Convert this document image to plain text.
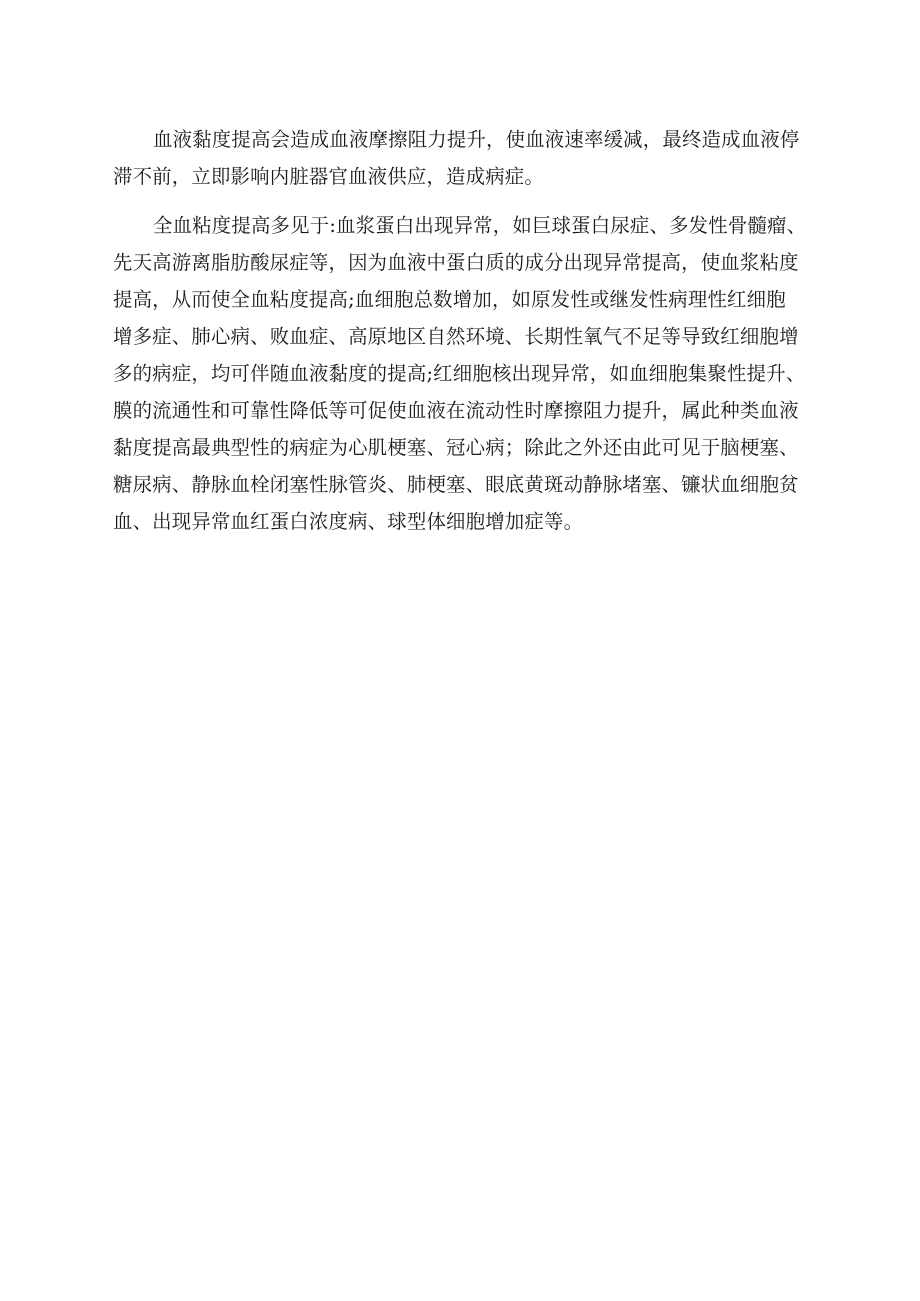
血液黏度提高会造成血液摩擦阻力提升，使血液速率缓减，最终造成血液停
滞不前，立即影响内脏器官血液供应，造成病症。
全血粘度提高多见于:血浆蛋白出现异常，如巨球蛋白尿症、多发性骨髓瘤、
先天高游离脂肪酸尿症等，因为血液中蛋白质的成分出现异常提高，使血浆粘度
提高，从而使全血粘度提高;血细胞总数增加，如原发性或继发性病理性红细胞
增多症、肺心病、败血症、高原地区自然环境、长期性氧气不足等导致红细胞增
多的病症，均可伴随血液黏度的提高;红细胞核出现异常，如血细胞集聚性提升、
膜的流通性和可靠性降低等可促使血液在流动性时摩擦阻力提升，属此种类血液
黏度提高最典型性的病症为心肌梗塞、冠心病；除此之外还由此可见于脑梗塞、
糖尿病、静脉血栓闭塞性脉管炎、肺梗塞、眼底黄斑动静脉堵塞、镰状血细胞贫
血、出现异常血红蛋白浓度病、球型体细胞增加症等。
